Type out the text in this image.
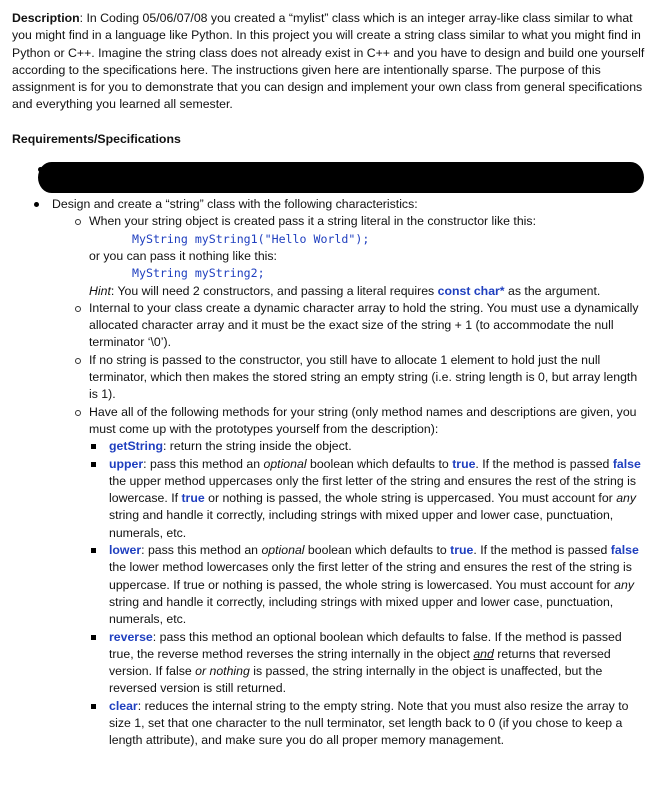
Description: In Coding 05/06/07/08 you created a “mylist” class which is an integer array-like class similar to what you might find in a language like Python. In this project you will create a string class similar to what you might find in Python or C++. Imagine the string class does not already exist in C++ and you have to design and build one yourself according to the specifications here. The instructions given here are intentionally sparse. The purpose of this assignment is for you to demonstrate that you can design and implement your own class from general specifications and everything you learned all semester.

Requirements/Specifications

Design and create a “string” class with the following characteristics:

When your string object is created pass it a string literal in the constructor like this:

MyString myString1("Hello World");

or you can pass it nothing like this:

MyString myString2;

Hint: You will need 2 constructors, and passing a literal requires const char* as the argument.

Internal to your class create a dynamic character array to hold the string. You must use a dynamically allocated character array and it must be the exact size of the string + 1 (to accommodate the null terminator ‘\0’).

If no string is passed to the constructor, you still have to allocate 1 element to hold just the null terminator, which then makes the stored string an empty string (i.e. string length is 0, but array length is 1).

Have all of the following methods for your string (only method names and descriptions are given, you must come up with the prototypes yourself from the description):

getString: return the string inside the object.

upper: pass this method an optional boolean which defaults to true. If the method is passed false the upper method uppercases only the first letter of the string and ensures the rest of the string is lowercase. If true or nothing is passed, the whole string is uppercased. You must account for any string and handle it correctly, including strings with mixed upper and lower case, punctuation, numerals, etc.

lower: pass this method an optional boolean which defaults to true. If the method is passed false the lower method lowercases only the first letter of the string and ensures the rest of the string is uppercase. If true or nothing is passed, the whole string is lowercased. You must account for any string and handle it correctly, including strings with mixed upper and lower case, punctuation, numerals, etc.

reverse: pass this method an optional boolean which defaults to false. If the method is passed true, the reverse method reverses the string internally in the object and returns that reversed version. If false or nothing is passed, the string internally in the object is unaffected, but the reversed version is still returned.

clear: reduces the internal string to the empty string. Note that you must also resize the array to size 1, set that one character to the null terminator, set length back to 0 (if you chose to keep a length attribute), and make sure you do all proper memory management.
